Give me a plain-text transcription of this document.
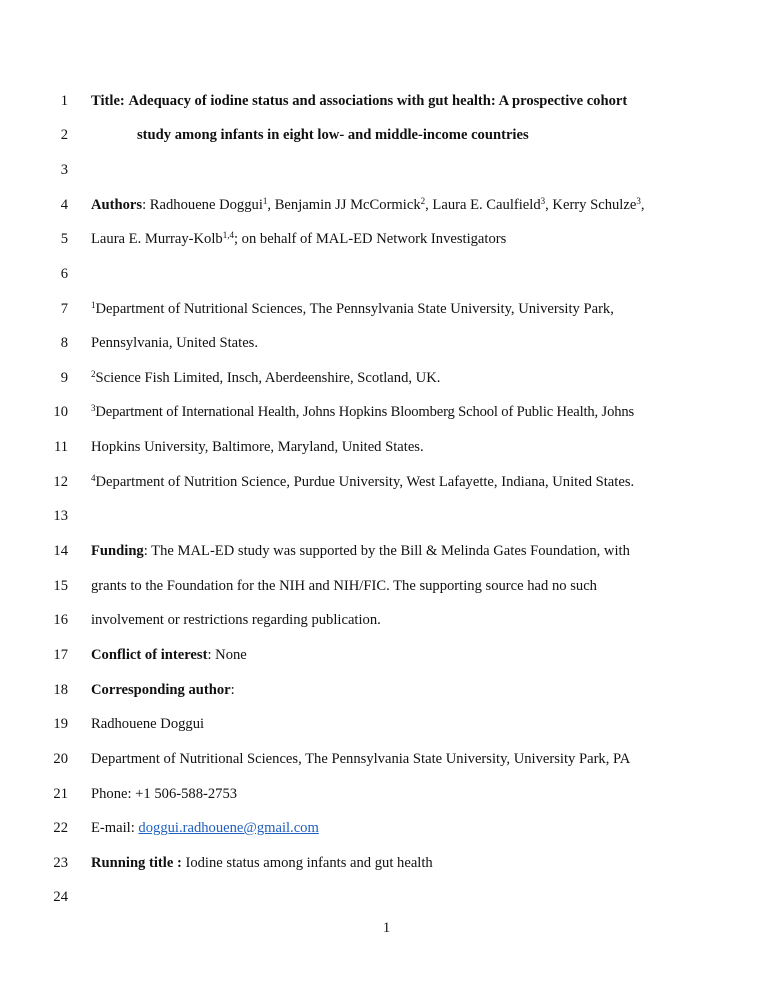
1 Title: Adequacy of iodine status and associations with gut health: A prospective cohort
2	study among infants in eight low- and middle-income countries
3
4 Authors: Radhouene Doggui$^1$, Benjamin JJ McCormick$^2$, Laura E. Caulfield$^3$, Kerry Schulze$^3$,
5 Laura E. Murray-Kolb$^{1,4}$; on behalf of MAL-ED Network Investigators
6
7	$^1$Department of Nutritional Sciences, The Pennsylvania State University, University Park,
8 Pennsylvania, United States.
9	$^2$Science Fish Limited, Insch, Aberdeenshire, Scotland, UK.
10	$^3$Department of International Health, Johns Hopkins Bloomberg School of Public Health, Johns
11 Hopkins University, Baltimore, Maryland, United States.
12	$^4$Department of Nutrition Science, Purdue University, West Lafayette, Indiana, United States.
13
14 Funding: The MAL-ED study was supported by the Bill & Melinda Gates Foundation, with
15 grants to the Foundation for the NIH and NIH/FIC. The supporting source had no such
16 involvement or restrictions regarding publication.
17 Conflict of interest: None
18 Corresponding author:
19 Radhouene Doggui
20 Department of Nutritional Sciences, The Pennsylvania State University, University Park, PA
21 Phone: +1 506-588-2753
22 E-mail: doggui.radhouene@gmail.com
23 Running title : Iodine status among infants and gut health
24
1
